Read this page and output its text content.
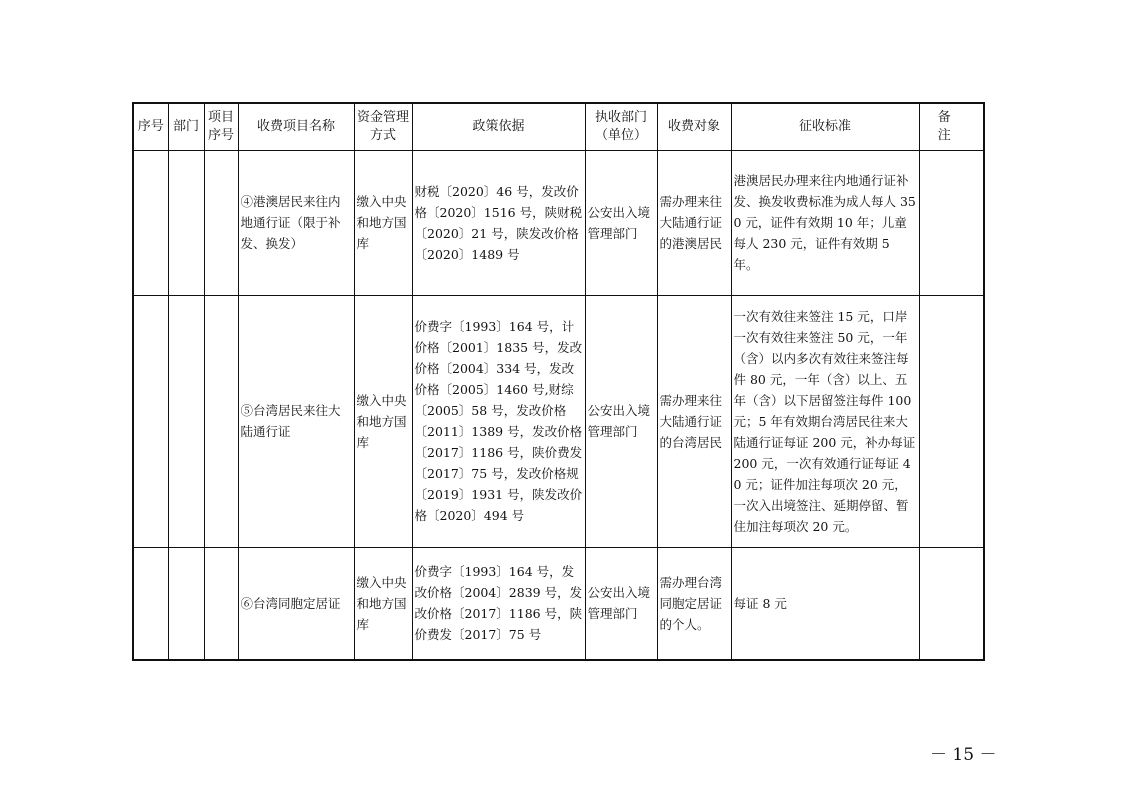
序号	部门	项目序号	收费项目名称	资金管理方式	政策依据	执收部门（单位）	收费对象	征收标准	备 注
			④港澳居民来往内地通行证（限于补发、换发）	缴入中央和地方国库	财税〔2020〕46 号，发改价格〔2020〕1516 号，陕财税〔2020〕21 号，陕发改价格〔2020〕1489 号	公安出入境管理部门	需办理来往大陆通行证的港澳居民	港澳居民办理来往内地通行证补发、换发收费标准为成人每人 350 元，证件有效期 10 年；儿童每人 230 元，证件有效期 5 年。	
			⑤台湾居民来往大陆通行证	缴入中央和地方国库	价费字〔1993〕164 号，计价格〔2001〕1835 号，发改价格〔2004〕334 号，发改价格〔2005〕1460 号,财综〔2005〕58 号，发改价格〔2011〕1389 号，发改价格〔2017〕1186 号，陕价费发〔2017〕75 号，发改价格规〔2019〕1931 号，陕发改价格〔2020〕494 号	公安出入境管理部门	需办理来往大陆通行证的台湾居民	一次有效往来签注 15 元，口岸一次有效往来签注 50 元，一年（含）以内多次有效往来签注每件 80 元，一年（含）以上、五年（含）以下居留签注每件 100 元；5 年有效期台湾居民往来大陆通行证每证 200 元，补办每证 200 元，一次有效通行证每证 40 元；证件加注每项次 20 元，一次入出境签注、延期停留、暂住加注每项次 20 元。	
			⑥台湾同胞定居证	缴入中央和地方国库	价费字〔1993〕164 号，发改价格〔2004〕2839 号，发改价格〔2017〕1186 号，陕价费发〔2017〕75 号	公安出入境管理部门	需办理台湾同胞定居证的个人。	每证 8 元	
－ 15 －
